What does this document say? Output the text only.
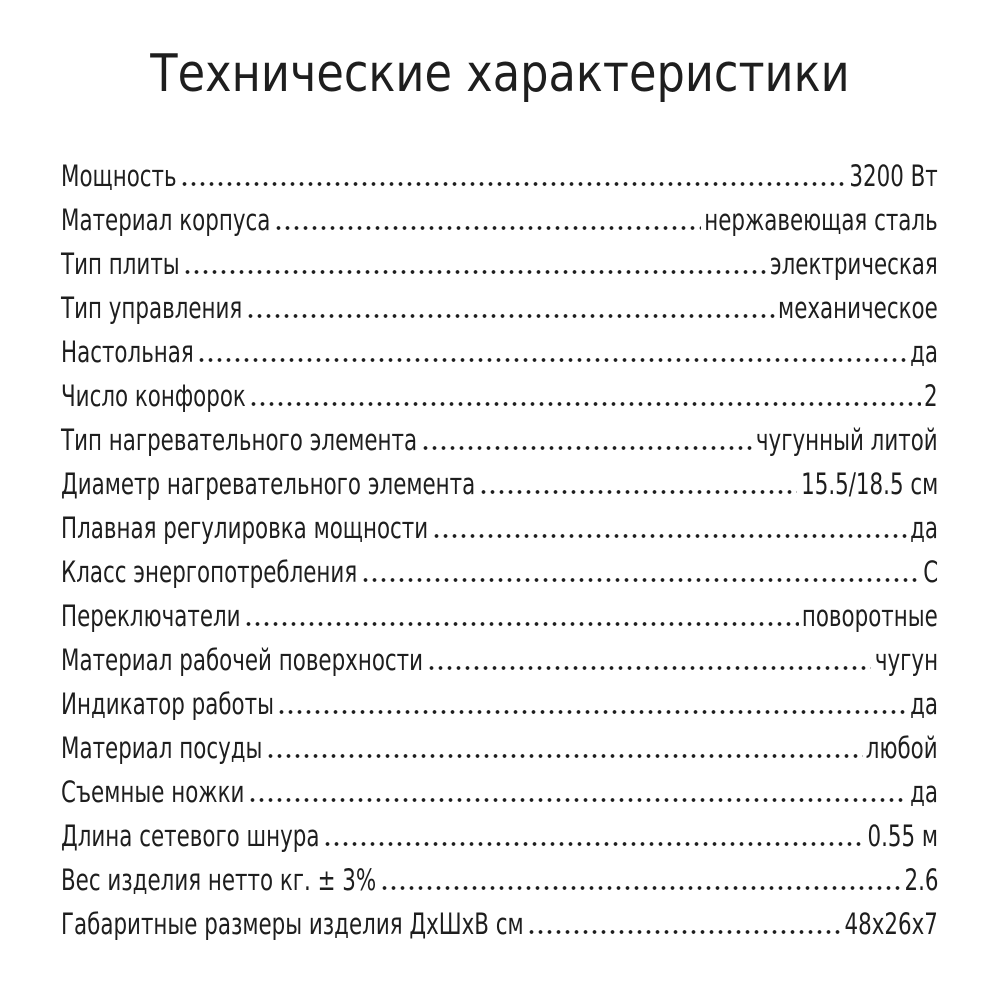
Технические характеристики
Мощность	3200 Вт
Материал корпуса	нержавеющая сталь
Тип плиты	электрическая
Тип управления	механическое
Настольная	да
Число конфорок	2
Тип нагревательного элемента	чугунный литой
Диаметр нагревательного элемента	15.5/18.5 см
Плавная регулировка мощности	да
Класс энергопотребления	С
Переключатели	поворотные
Материал рабочей поверхности	чугун
Индикатор работы	да
Материал посуды	любой
Съемные ножки	да
Длина сетевого шнура	0.55 м
Вес изделия нетто кг. ± 3%	2.6
Габаритные размеры изделия ДхШхВ см	48x26x7
